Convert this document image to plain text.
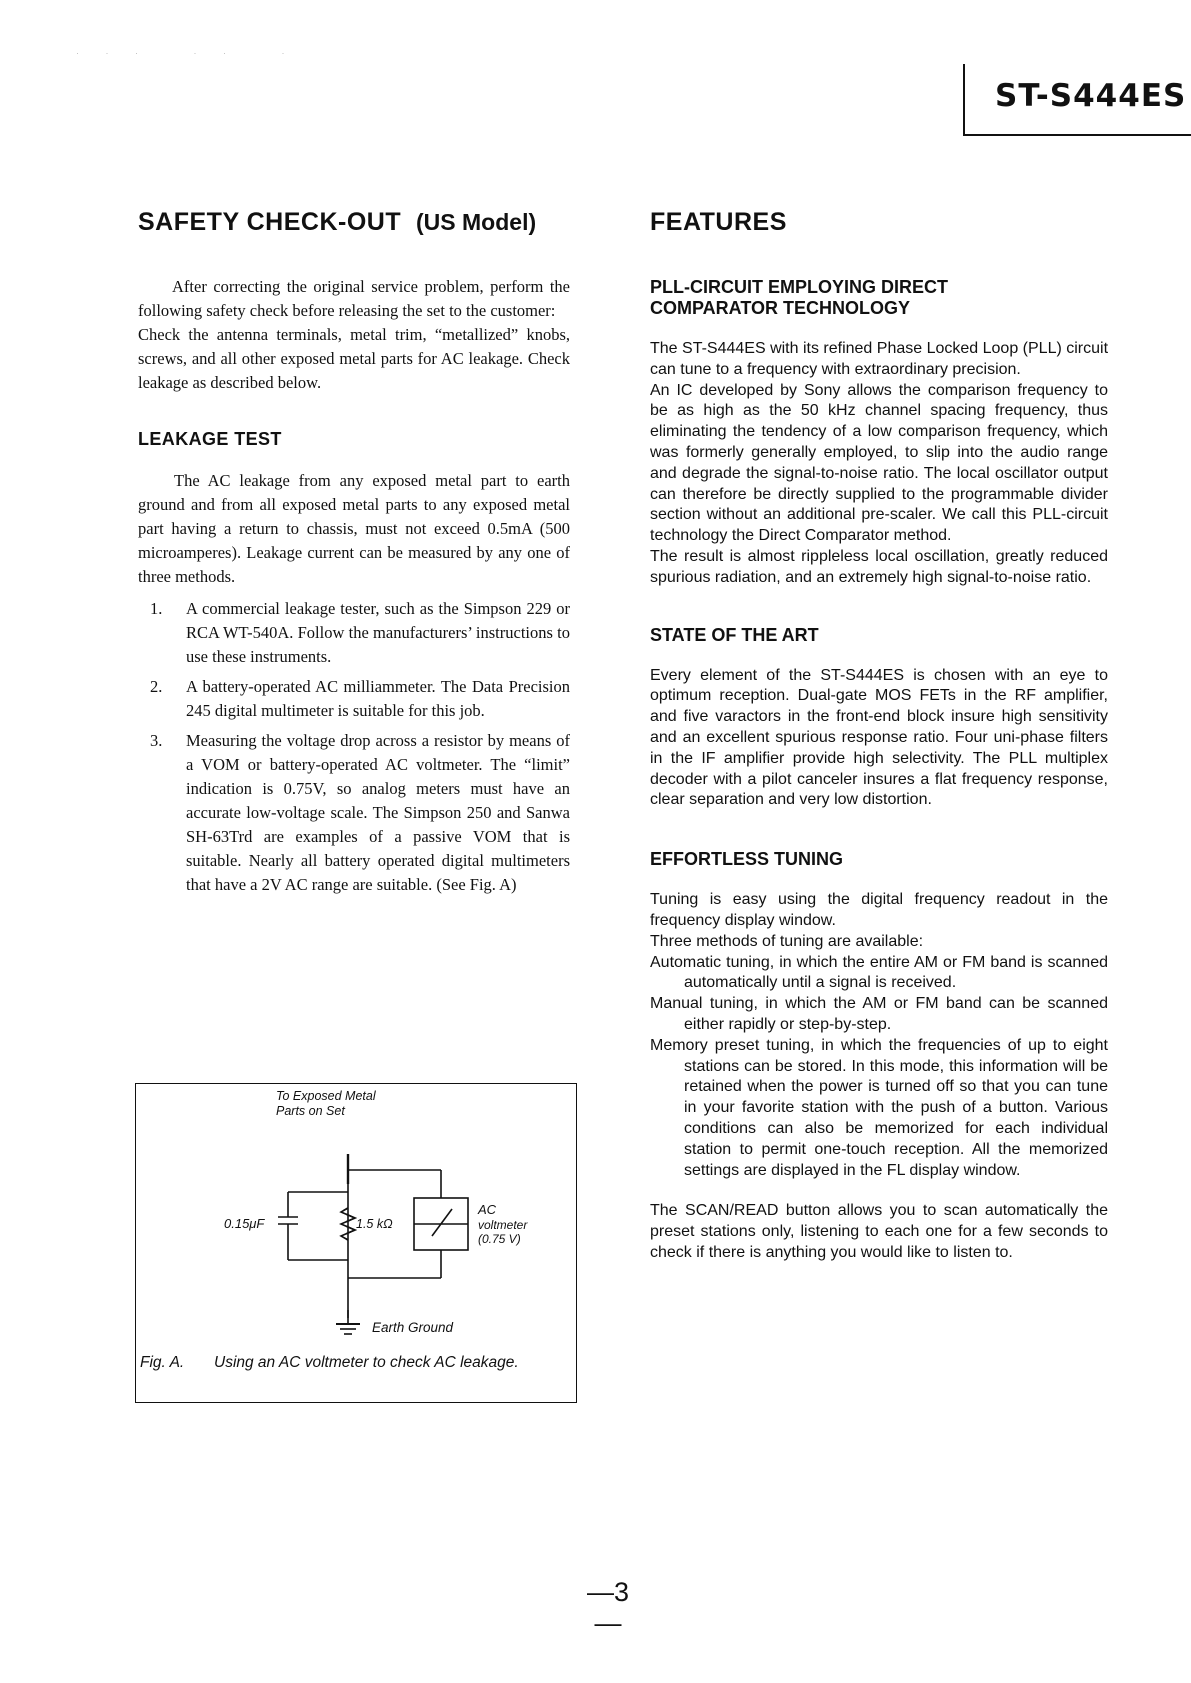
· · ·   · ·   ·
ST-S444ES
SAFETY CHECK-OUT (US Model)

After correcting the original service problem, perform the following safety check before releasing the set to the customer:

Check the antenna terminals, metal trim, “metallized” knobs, screws, and all other exposed metal parts for AC leakage. Check leakage as described below.

LEAKAGE TEST

The AC leakage from any exposed metal part to earth ground and from all exposed metal parts to any exposed metal part having a return to chassis, must not exceed 0.5mA (500 microamperes). Leakage current can be measured by any one of three methods.

1. A commercial leakage tester, such as the Simpson 229 or RCA WT-540A. Follow the manufacturers’ instructions to use these instruments.
2. A battery-operated AC milliammeter. The Data Precision 245 digital multimeter is suitable for this job.
3. Measuring the voltage drop across a resistor by means of a VOM or battery-operated AC voltmeter. The “limit” indication is 0.75V, so analog meters must have an accurate low-voltage scale. The Simpson 250 and Sanwa SH-63Trd are examples of a passive VOM that is suitable. Nearly all battery operated digital multimeters that have a 2V AC range are suitable. (See Fig. A)
To Exposed Metal
Parts on Set
0.15μF	1.5 kΩ
AC
voltmeter
(0.75 V)
Earth Ground
Fig. A. Using an AC voltmeter to check AC leakage.
FEATURES
PLL-CIRCUIT EMPLOYING DIRECT
COMPARATOR TECHNOLOGY

The ST-S444ES with its refined Phase Locked Loop (PLL) circuit can tune to a frequency with extraordinary precision.

An IC developed by Sony allows the comparison frequency to be as high as the 50 kHz channel spacing frequency, thus eliminating the tendency of a low comparison frequency, which was formerly generally employed, to slip into the audio range and degrade the signal-to-noise ratio. The local oscillator output can therefore be directly supplied to the programmable divider section without an additional pre-scaler. We call this PLL-circuit technology the Direct Comparator method.

The result is almost rippleless local oscillation, greatly reduced spurious radiation, and an extremely high signal-to-noise ratio.

STATE OF THE ART

Every element of the ST-S444ES is chosen with an eye to optimum reception. Dual-gate MOS FETs in the RF amplifier, and five varactors in the front-end block insure high sensitivity and an excellent spurious response ratio. Four uni-phase filters in the IF amplifier provide high selectivity. The PLL multiplex decoder with a pilot canceler insures a flat frequency response, clear separation and very low distortion.

EFFORTLESS TUNING

Tuning is easy using the digital frequency readout in the frequency display window.

Three methods of tuning are available:

Automatic tuning, in which the entire AM or FM band is scanned automatically until a signal is received.

Manual tuning, in which the AM or FM band can be scanned either rapidly or step-by-step.

Memory preset tuning, in which the frequencies of up to eight stations can be stored. In this mode, this information will be retained when the power is turned off so that you can tune in your favorite station with the push of a button. Various conditions can also be memorized for each individual station to permit one-touch reception. All the memorized settings are displayed in the FL display window.

The SCAN/READ button allows you to scan automatically the preset stations only, listening to each one for a few seconds to check if there is anything you would like to listen to.

—3—
